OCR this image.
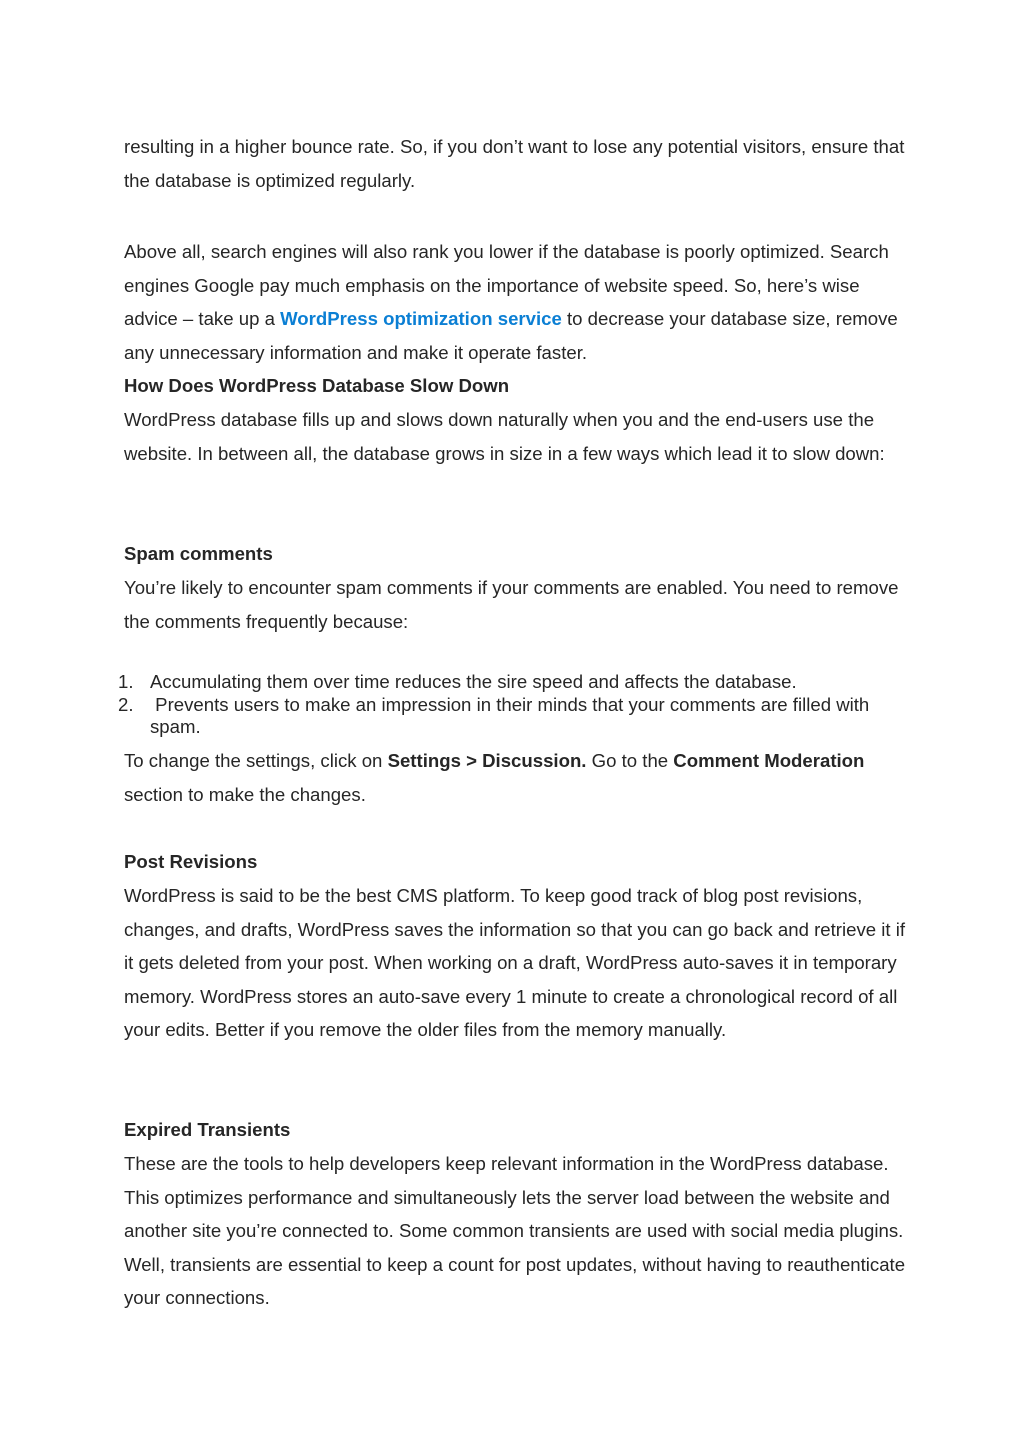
resulting in a higher bounce rate. So, if you don’t want to lose any potential visitors, ensure that the database is optimized regularly.

Above all, search engines will also rank you lower if the database is poorly optimized. Search engines Google pay much emphasis on the importance of website speed. So, here’s wise advice – take up a WordPress optimization service to decrease your database size, remove any unnecessary information and make it operate faster.

How Does WordPress Database Slow Down

WordPress database fills up and slows down naturally when you and the end-users use the website. In between all, the database grows in size in a few ways which lead it to slow down:

Spam comments

You’re likely to encounter spam comments if your comments are enabled. You need to remove the comments frequently because:

1. Accumulating them over time reduces the sire speed and affects the database.
2. Prevents users to make an impression in their minds that your comments are filled with spam.

To change the settings, click on Settings > Discussion. Go to the Comment Moderation section to make the changes.

Post Revisions

WordPress is said to be the best CMS platform. To keep good track of blog post revisions, changes, and drafts, WordPress saves the information so that you can go back and retrieve it if it gets deleted from your post. When working on a draft, WordPress auto-saves it in temporary memory. WordPress stores an auto-save every 1 minute to create a chronological record of all your edits. Better if you remove the older files from the memory manually.

Expired Transients

These are the tools to help developers keep relevant information in the WordPress database. This optimizes performance and simultaneously lets the server load between the website and another site you’re connected to. Some common transients are used with social media plugins. Well, transients are essential to keep a count for post updates, without having to reauthenticate your connections.
